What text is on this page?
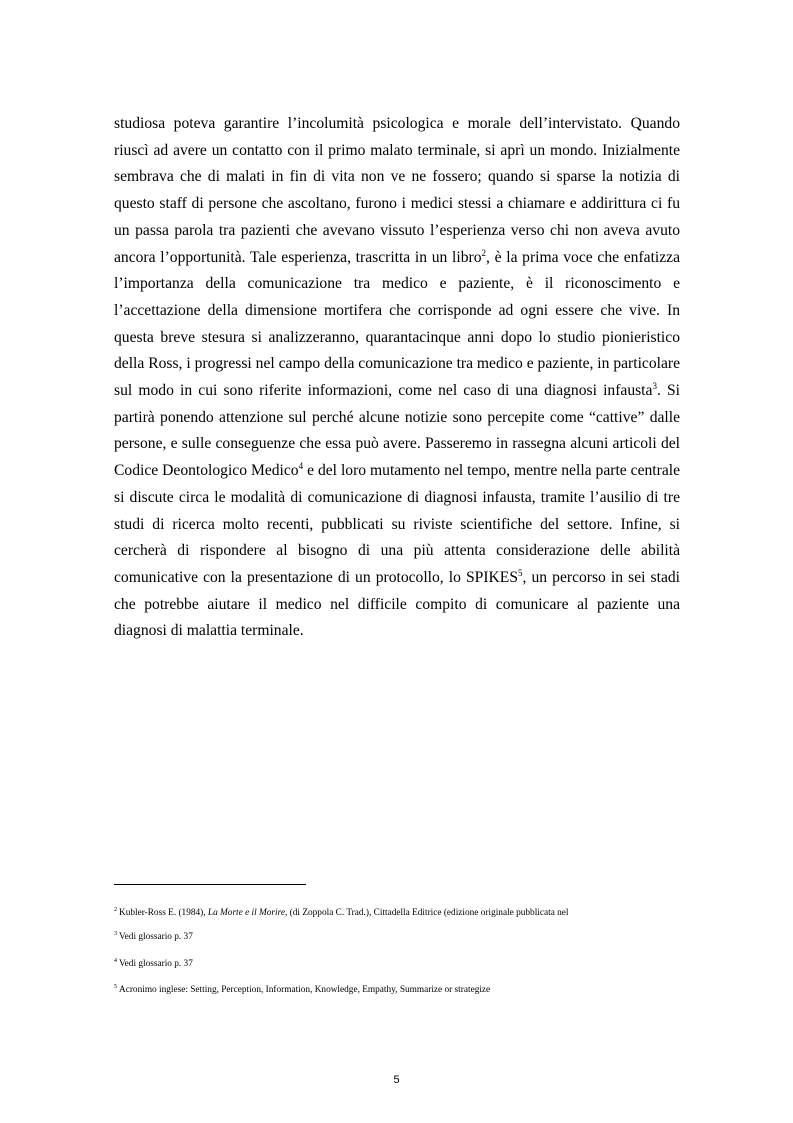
studiosa poteva garantire l’incolumità psicologica e morale dell’intervistato. Quando riuscì ad avere un contatto con il primo malato terminale, si aprì un mondo. Inizialmente sembrava che di malati in fin di vita non ve ne fossero; quando si sparse la notizia di questo staff di persone che ascoltano, furono i medici stessi a chiamare e addirittura ci fu un passa parola tra pazienti che avevano vissuto l’esperienza verso chi non aveva avuto ancora l’opportunità. Tale esperienza, trascritta in un libro$^2$, è la prima voce che enfatizza l’importanza della comunicazione tra medico e paziente, è il riconoscimento e l’accettazione della dimensione mortifera che corrisponde ad ogni essere che vive. In questa breve stesura si analizzeranno, quarantacinque anni dopo lo studio pionieristico della Ross, i progressi nel campo della comunicazione tra medico e paziente, in particolare sul modo in cui sono riferite informazioni, come nel caso di una diagnosi infausta$^3$. Si partirà ponendo attenzione sul perché alcune notizie sono percepite come “cattive” dalle persone, e sulle conseguenze che essa può avere. Passeremo in rassegna alcuni articoli del Codice Deontologico Medico$^4$ e del loro mutamento nel tempo, mentre nella parte centrale si discute circa le modalità di comunicazione di diagnosi infausta, tramite l’ausilio di tre studi di ricerca molto recenti, pubblicati su riviste scientifiche del settore. Infine, si cercherà di rispondere al bisogno di una più attenta considerazione delle abilità comunicative con la presentazione di un protocollo, lo SPIKES$^5$, un percorso in sei stadi che potrebbe aiutare il medico nel difficile compito di comunicare al paziente una diagnosi di malattia terminale.

$^2$ Kubler-Ross E. (1984), La Morte e il Morire, (di Zoppola C. Trad.), Cittadella Editrice (edizione originale pubblicata nel

$^3$ Vedi glossario p. 37

$^4$ Vedi glossario p. 37

$^5$ Acronimo inglese: Setting, Perception, Information, Knowledge, Empathy, Summarize or strategize

5
